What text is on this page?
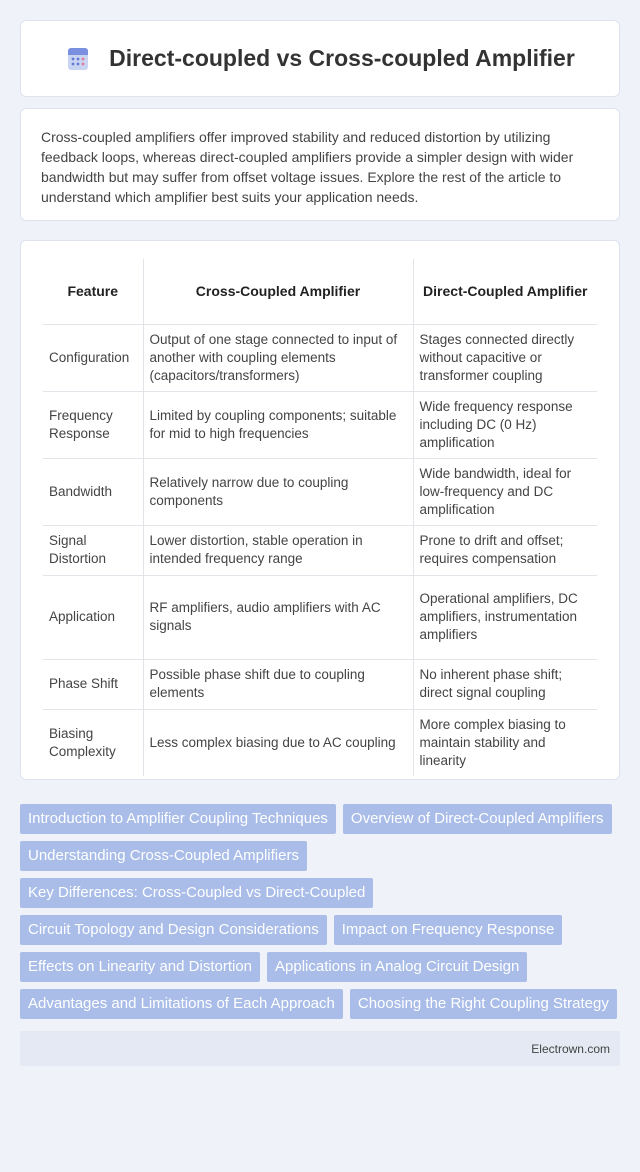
Direct-coupled vs Cross-coupled Amplifier

Cross-coupled amplifiers offer improved stability and reduced distortion by utilizing feedback loops, whereas direct-coupled amplifiers provide a simpler design with wider bandwidth but may suffer from offset voltage issues. Explore the rest of the article to understand which amplifier best suits your application needs.

Feature	Cross-Coupled Amplifier	Direct-Coupled Amplifier
Configuration	Output of one stage connected to input of another with coupling elements (capacitors/transformers)	Stages connected directly without capacitive or transformer coupling
Frequency Response	Limited by coupling components; suitable for mid to high frequencies	Wide frequency response including DC (0 Hz) amplification
Bandwidth	Relatively narrow due to coupling components	Wide bandwidth, ideal for low-frequency and DC amplification
Signal Distortion	Lower distortion, stable operation in intended frequency range	Prone to drift and offset; requires compensation
Application	RF amplifiers, audio amplifiers with AC signals	Operational amplifiers, DC amplifiers, instrumentation amplifiers
Phase Shift	Possible phase shift due to coupling elements	No inherent phase shift; direct signal coupling
Biasing Complexity	Less complex biasing due to AC coupling	More complex biasing to maintain stability and linearity
Introduction to Amplifier Coupling Techniques	Overview of Direct-Coupled Amplifiers
Understanding Cross-Coupled Amplifiers
Key Differences: Cross-Coupled vs Direct-Coupled
Circuit Topology and Design Considerations	Impact on Frequency Response
Effects on Linearity and Distortion	Applications in Analog Circuit Design
Advantages and Limitations of Each Approach	Choosing the Right Coupling Strategy
Electrown.com
